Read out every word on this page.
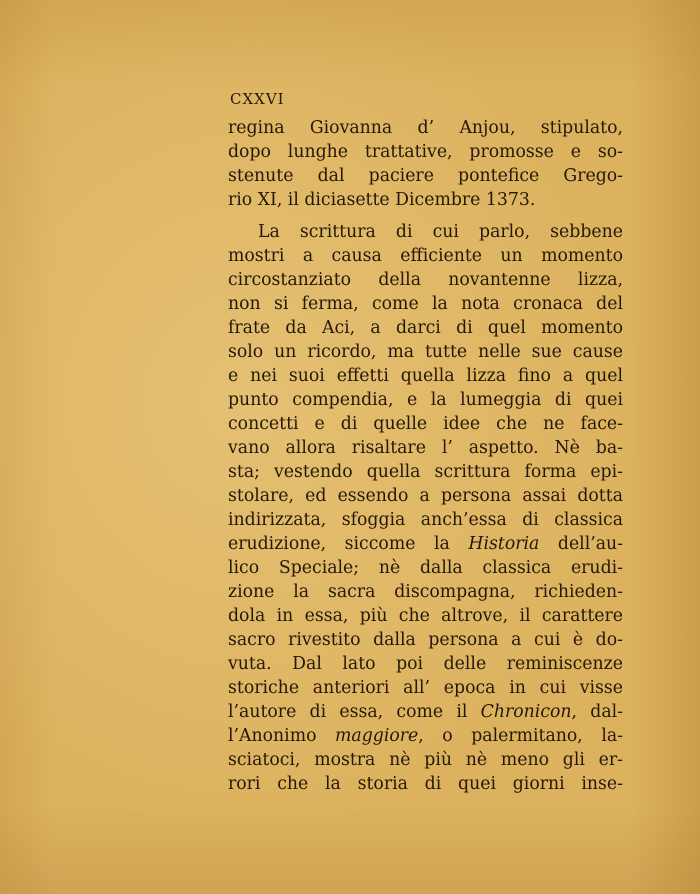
CXXVI
regina Giovanna d’ Anjou, stipulato,
dopo lunghe trattative, promosse e so-
stenute dal paciere pontefice Grego-
rio XI, il diciasette Dicembre 1373.
La scrittura di cui parlo, sebbene
mostri a causa efficiente un momento
circostanziato della novantenne lizza,
non si ferma, come la nota cronaca del
frate da Aci, a darci di quel momento
solo un ricordo, ma tutte nelle sue cause
e nei suoi effetti quella lizza fino a quel
punto compendia, e la lumeggia di quei
concetti e di quelle idee che ne face-
vano allora risaltare l’ aspetto. Nè ba-
sta; vestendo quella scrittura forma epi-
stolare, ed essendo a persona assai dotta
indirizzata, sfoggia anch’essa di classica
erudizione, siccome la Historia dell’au-
lico Speciale; nè dalla classica erudi-
zione la sacra discompagna, richieden-
dola in essa, più che altrove, il carattere
sacro rivestito dalla persona a cui è do-
vuta. Dal lato poi delle reminiscenze
storiche anteriori all’ epoca in cui visse
l’autore di essa, come il Chronicon, dal-
l’Anonimo maggiore, o palermitano, la-
sciatoci, mostra nè più nè meno gli er-
rori che la storia di quei giorni inse-
